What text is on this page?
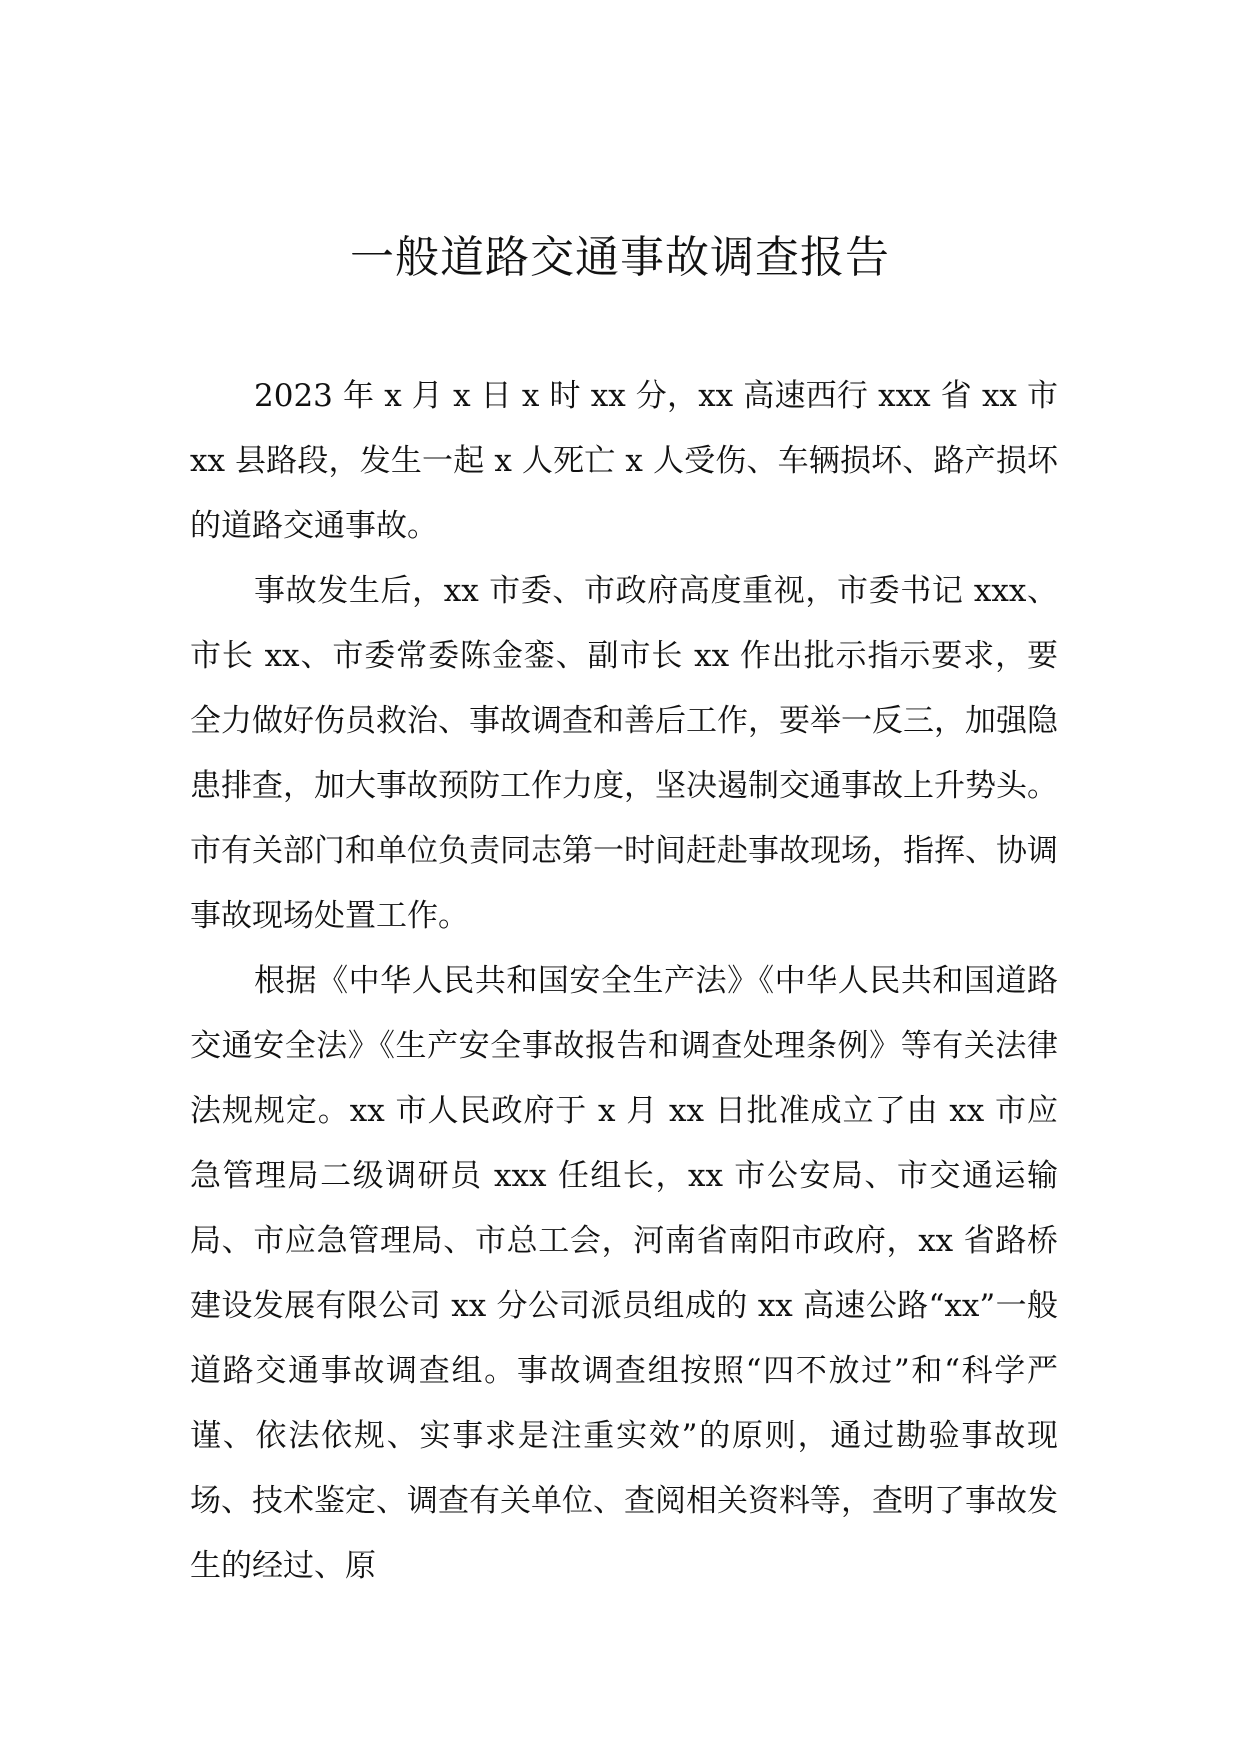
一般道路交通事故调查报告

2023 年 x 月 x 日 x 时 xx 分，xx 高速西行 xxx 省 xx 市 xx 县路段，发生一起 x 人死亡 x 人受伤、车辆损坏、路产损坏的道路交通事故。

事故发生后，xx 市委、市政府高度重视，市委书记 xxx、市长 xx、市委常委陈金銮、副市长 xx 作出批示指示要求，要全力做好伤员救治、事故调查和善后工作，要举一反三，加强隐患排查，加大事故预防工作力度，坚决遏制交通事故上升势头。市有关部门和单位负责同志第一时间赶赴事故现场，指挥、协调事故现场处置工作。

根据《中华人民共和国安全生产法》《中华人民共和国道路交通安全法》《生产安全事故报告和调查处理条例》等有关法律法规规定。xx 市人民政府于 x 月 xx 日批准成立了由 xx 市应急管理局二级调研员 xxx 任组长，xx 市公安局、市交通运输局、市应急管理局、市总工会，河南省南阳市政府，xx 省路桥建设发展有限公司 xx 分公司派员组成的 xx 高速公路“xx”一般道路交通事故调查组。事故调查组按照“四不放过”和“科学严谨、依法依规、实事求是注重实效”的原则，通过勘验事故现场、技术鉴定、调查有关单位、查阅相关资料等，查明了事故发生的经过、原
